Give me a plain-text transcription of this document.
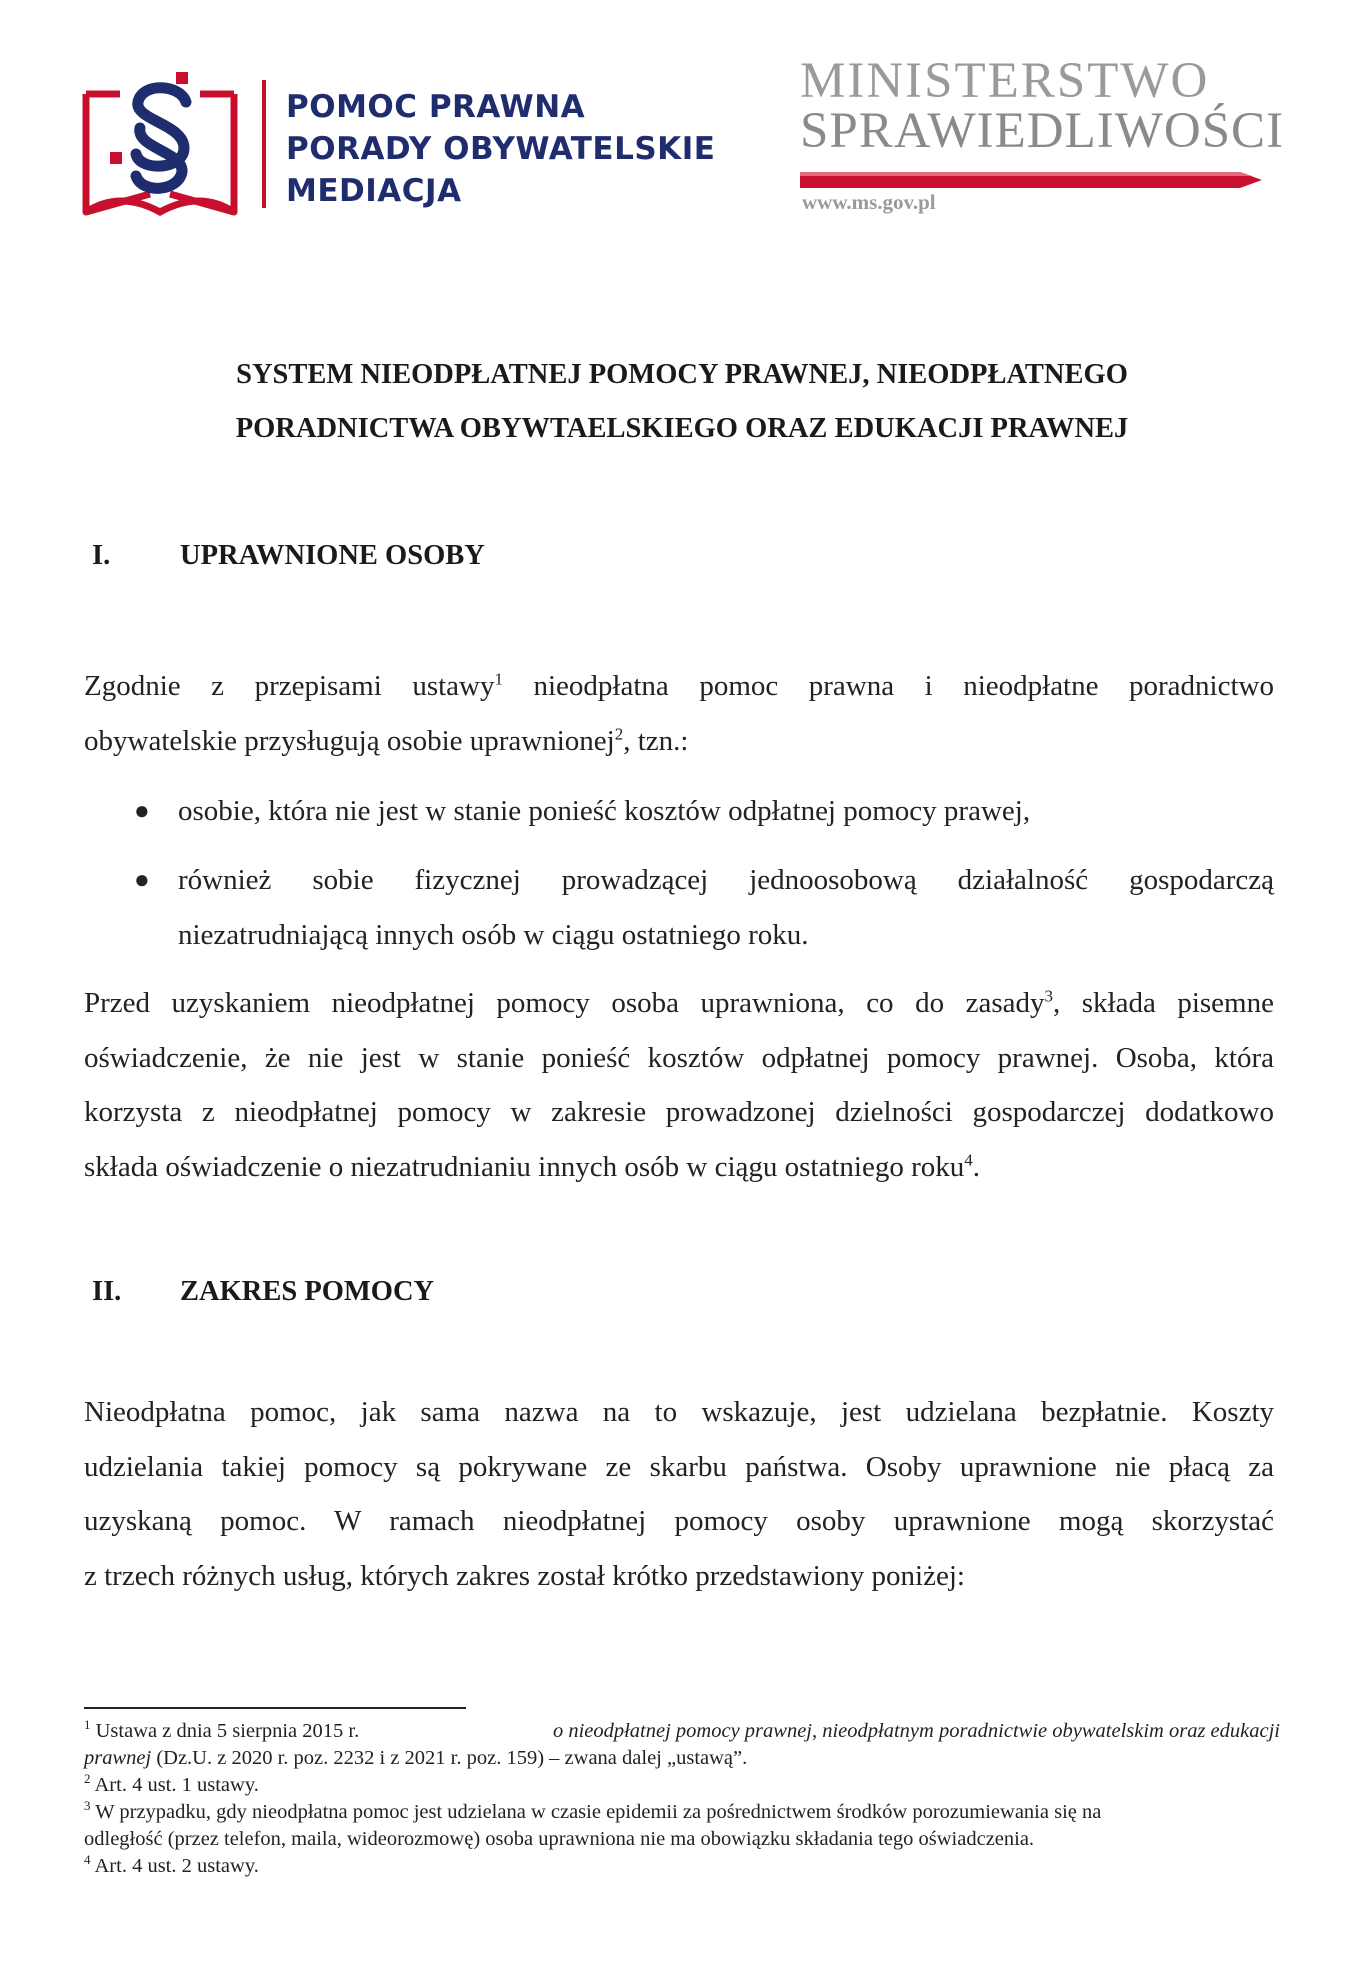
POMOC PRAWNA
PORADY OBYWATELSKIE
MEDIACJA
MINISTERSTWO
SPRAWIEDLIWOŚCI
www.ms.gov.pl
SYSTEM NIEODPŁATNEJ POMOCY PRAWNEJ, NIEODPŁATNEGO
PORADNICTWA OBYWTAELSKIEGO ORAZ EDUKACJI PRAWNEJ
I. UPRAWNIONE OSOBY
Zgodnie z przepisami ustawy$^1$ nieodpłatna pomoc prawna i nieodpłatne poradnictwo
obywatelskie przysługują osobie uprawnionej$^2$, tzn.:
● osobie, która nie jest w stanie ponieść kosztów odpłatnej pomocy prawej,
● również sobie fizycznej prowadzącej jednoosobową działalność gospodarczą
niezatrudniającą innych osób w ciągu ostatniego roku.
Przed uzyskaniem nieodpłatnej pomocy osoba uprawniona, co do zasady$^3$, składa pisemne
oświadczenie, że nie jest w stanie ponieść kosztów odpłatnej pomocy prawnej. Osoba, która
korzysta z nieodpłatnej pomocy w zakresie prowadzonej dzielności gospodarczej dodatkowo
składa oświadczenie o niezatrudnianiu innych osób w ciągu ostatniego roku$^4$.
II. ZAKRES POMOCY
Nieodpłatna pomoc, jak sama nazwa na to wskazuje, jest udzielana bezpłatnie. Koszty
udzielania takiej pomocy są pokrywane ze skarbu państwa. Osoby uprawnione nie płacą za
uzyskaną pomoc. W ramach nieodpłatnej pomocy osoby uprawnione mogą skorzystać
z trzech różnych usług, których zakres został krótko przedstawiony poniżej:
$^1$ Ustawa z dnia 5 sierpnia 2015 r.	o nieodpłatnej pomocy prawnej, nieodpłatnym poradnictwie obywatelskim oraz edukacji
prawnej (Dz.U. z 2020 r. poz. 2232 i z 2021 r. poz. 159) – zwana dalej „ustawą”.
$^2$ Art. 4 ust. 1 ustawy.
$^3$ W przypadku, gdy nieodpłatna pomoc jest udzielana w czasie epidemii za pośrednictwem środków porozumiewania się na
odległość (przez telefon, maila, wideorozmowę) osoba uprawniona nie ma obowiązku składania tego oświadczenia.
$^4$ Art. 4 ust. 2 ustawy.
